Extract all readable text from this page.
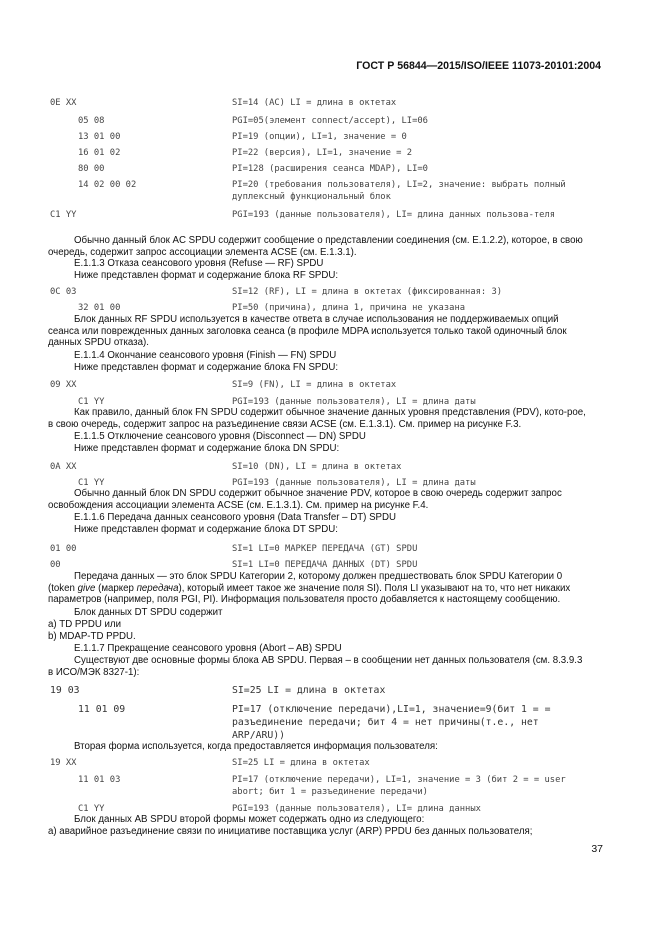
ГОСТ Р 56844—2015/ISO/IEEE 11073-20101:2004
0E XX	SI=14 (AC) LI = длина в октетах
05 08	PGI=05(элемент connect/accept), LI=06
13 01 00	PI=19 (опции), LI=1, значение = 0
16 01 02	PI=22 (версия), LI=1, значение = 2
80 00	PI=128 (расширения сеанса MDAP), LI=0
14 02 00 02	PI=20 (требования пользователя), LI=2, значение: выбрать полный дуплексный функциональный блок
C1 YY	PGI=193 (данные пользователя), LI= длина данных пользова-теля
Обычно данный блок AC SPDU содержит сообщение о представлении соединения (см. Е.1.2.2), которое, в свою очередь, содержит запрос ассоциации элемента ACSE (см. Е.1.3.1).
Е.1.1.3 Отказа сеансового уровня (Refuse — RF) SPDU
Ниже представлен формат и содержание блока RF SPDU:
0C 03	SI=12 (RF), LI = длина в октетах (фиксированная: 3)
32 01 00	PI=50 (причина), длина 1, причина не указана
Блок данных RF SPDU используется в качестве ответа в случае использования не поддерживаемых опций сеанса или поврежденных данных заголовка сеанса (в профиле MDPA используется только такой одиночный блок данных SPDU отказа).
Е.1.1.4 Окончание сеансового уровня (Finish — FN) SPDU
Ниже представлен формат и содержание блока FN SPDU:
09 XX	SI=9 (FN), LI = длина в октетах
C1 YY	PGI=193 (данные пользователя), LI = длина даты
Как правило, данный блок FN SPDU содержит обычное значение данных уровня представления (PDV), кото-рое, в свою очередь, содержит запрос на разъединение связи ACSE (см. Е.1.3.1). См. пример на рисунке F.3.
Е.1.1.5 Отключение сеансового уровня (Disconnect — DN) SPDU
Ниже представлен формат и содержание блока DN SPDU:
0A XX	SI=10 (DN), LI = длина в октетах
C1 YY	PGI=193 (данные пользователя), LI = длина даты
Обычно данный блок DN SPDU содержит обычное значение PDV, которое в свою очередь содержит запрос освобождения ассоциации элемента ACSE (см. Е.1.3.1). См. пример на рисунке F.4.
Е.1.1.6 Передача данных сеансового уровня (Data Transfer – DT) SPDU
Ниже представлен формат и содержание блока DT SPDU:
01 00	SI=1 LI=0 МАРКЕР ПЕРЕДАЧА (GT) SPDU
00	SI=1 LI=0 ПЕРЕДАЧА ДАННЫХ (DT) SPDU
Передача данных — это блок SPDU Категории 2, которому должен предшествовать блок SPDU Категории 0 (token give (маркер передача), который имеет такое же значение поля SI). Поля LI указывают на то, что нет никаких параметров (например, поля PGI, PI). Информация пользователя просто добавляется к настоящему сообщению.
Блок данных DT SPDU содержит
а) TD PPDU или
b) MDAP-TD PPDU.
Е.1.1.7 Прекращение сеансового уровня (Abort – AB) SPDU
Существуют две основные формы блока AB SPDU. Первая – в сообщении нет данных пользователя (см. 8.3.9.3 в ИСО/МЭК 8327-1):
19 03	SI=25 LI = длина в октетах
11 01 09	PI=17 (отключение передачи),LI=1, значение=9(бит 1 = = разъединение передачи; бит 4 = нет причины(т.е., нет ARP/ARU))
Вторая форма используется, когда предоставляется информация пользователя:
19 XX	SI=25 LI = длина в октетах
11 01 03	PI=17 (отключение передачи), LI=1, значение = 3 (бит 2 = = user abort; бит 1 = разъединение передачи)
C1 YY	PGI=193 (данные пользователя), LI= длина данных
Блок данных AB SPDU второй формы может содержать одно из следующего:
а) аварийное разъединение связи по инициативе поставщика услуг (ARP) PPDU без данных пользователя;
37
